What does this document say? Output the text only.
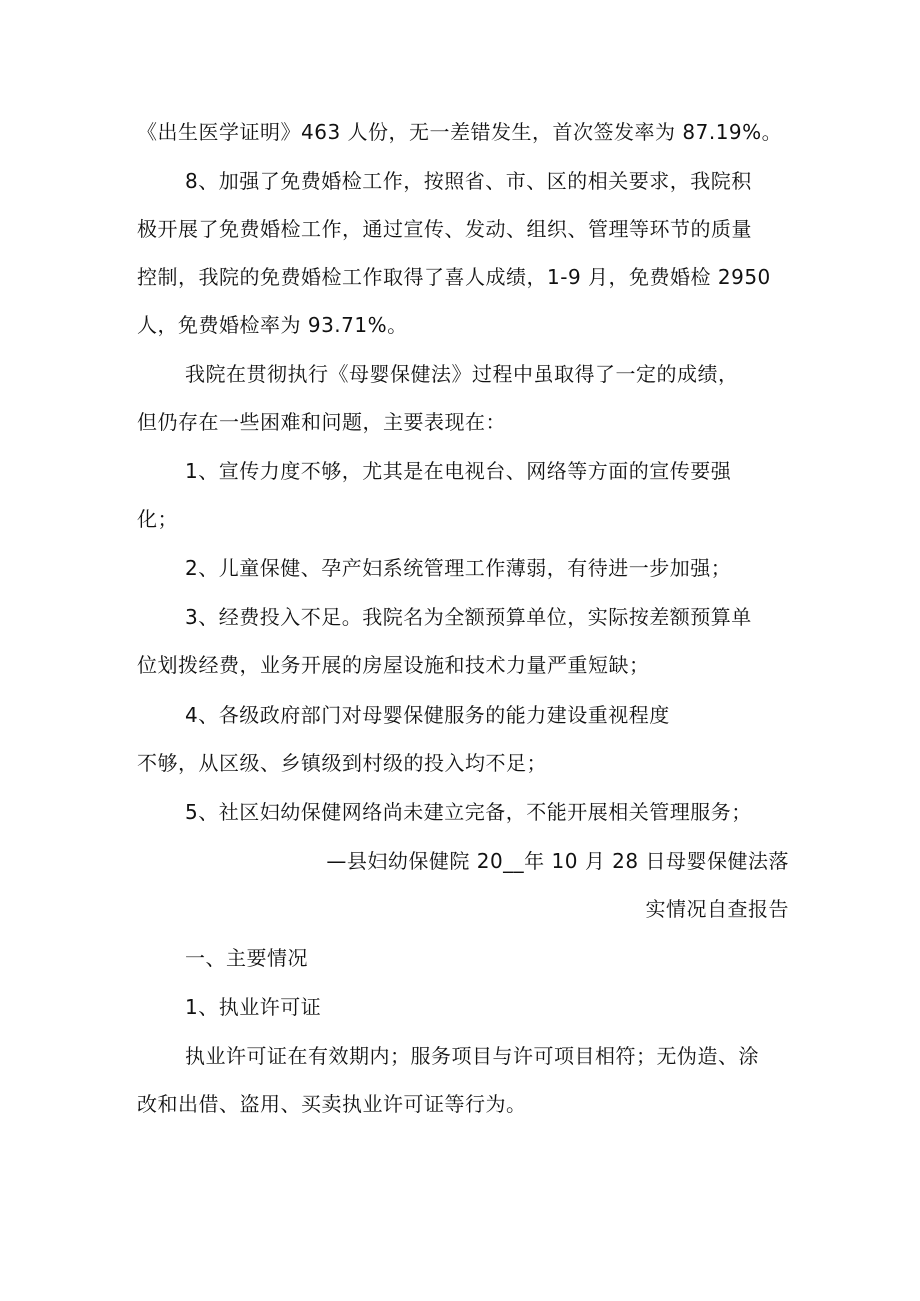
《出生医学证明》463 人份，无一差错发生，首次签发率为 87.19%。
8、加强了免费婚检工作，按照省、市、区的相关要求，我院积
极开展了免费婚检工作，通过宣传、发动、组织、管理等环节的质量
控制，我院的免费婚检工作取得了喜人成绩，1-9 月，免费婚检 2950
人，免费婚检率为 93.71%。
我院在贯彻执行《母婴保健法》过程中虽取得了一定的成绩，
但仍存在一些困难和问题，主要表现在：
1、宣传力度不够，尤其是在电视台、网络等方面的宣传要强
化；
2、儿童保健、孕产妇系统管理工作薄弱，有待进一步加强；
3、经费投入不足。我院名为全额预算单位，实际按差额预算单
位划拨经费，业务开展的房屋设施和技术力量严重短缺；
4、各级政府部门对母婴保健服务的能力建设重视程度
不够，从区级、乡镇级到村级的投入均不足；
5、社区妇幼保健网络尚未建立完备，不能开展相关管理服务；
—县妇幼保健院 20__年 10 月 28 日母婴保健法落
实情况自查报告
一、主要情况
1、执业许可证
执业许可证在有效期内；服务项目与许可项目相符；无伪造、涂
改和出借、盗用、买卖执业许可证等行为。
